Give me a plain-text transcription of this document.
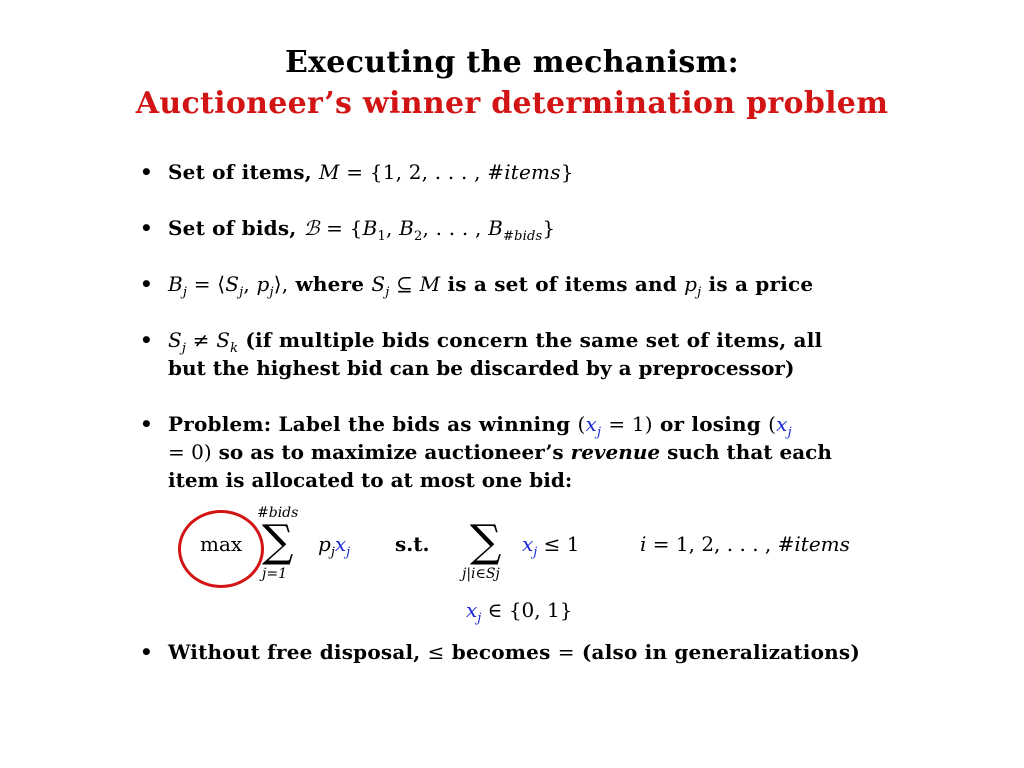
Executing the mechanism:
Auctioneer’s winner determination problem
• Set of items, M = {1, 2, . . . , #items}
• Set of bids, ℬ = {$B_1$, $B_2$, . . . , $B_{\#bids}$}
• $B_j$ = $⟨S_j$, $p_j⟩$, where $S_j$ ⊆ M is a set of items and $p_j$ is a price
• $S_j \ne S_k$ (if multiple bids concern the same set of items, all
but the highest bid can be discarded by a preprocessor)
• Problem: Label the bids as winning $(x_j = 1)$ or losing ($x_j$
= 0) so as to maximize auctioneer’s revenue such that each
item is allocated to at most one bid:
max
#bids
∑
j=1
$p_jx_j$ s.t. ∑
j|i∈Sj
$x_j \le 1$	i = 1, 2, . . . , #items
$x_j$ ∈ {0, 1}
• Without free disposal, ≤ becomes = (also in generalizations)
